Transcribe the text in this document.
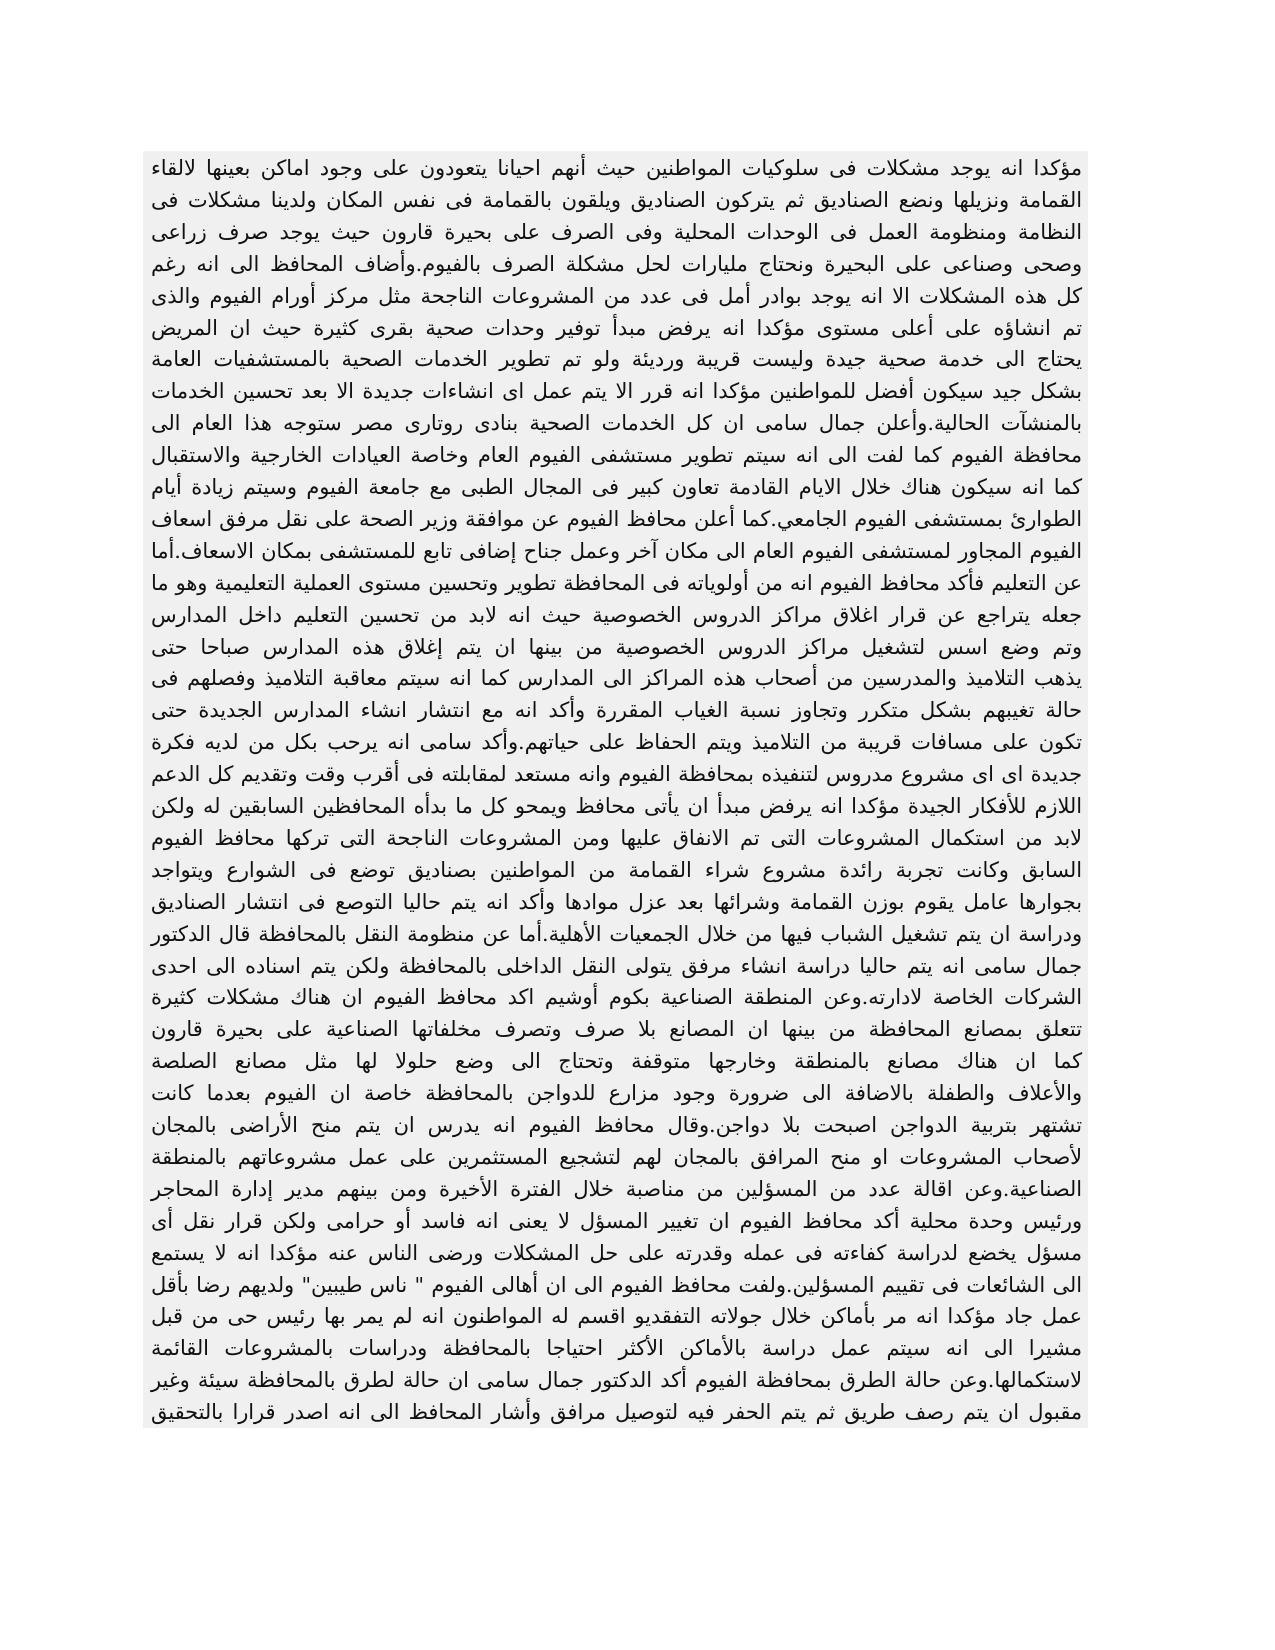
مؤكدا انه يوجد مشكلات فى سلوكيات المواطنين حيث أنهم احيانا يتعودون على وجود اماكن بعينها لالقاء
القمامة ونزيلها ونضع الصناديق ثم يتركون الصناديق ويلقون بالقمامة فى نفس المكان ولدينا مشكلات فى
النظامة ومنظومة العمل فى الوحدات المحلية وفى الصرف على بحيرة قارون حيث يوجد صرف زراعى
وصحى وصناعى على البحيرة ونحتاج مليارات لحل مشكلة الصرف بالفيوم.وأضاف المحافظ الى انه رغم
كل هذه المشكلات الا انه يوجد بوادر أمل فى عدد من المشروعات الناجحة مثل مركز أورام الفيوم والذى
تم انشاؤه على أعلى مستوى مؤكدا انه يرفض مبدأ توفير وحدات صحية بقرى كثيرة حيث ان المريض
يحتاج الى خدمة صحية جيدة وليست قريبة ورديئة ولو تم تطوير الخدمات الصحية بالمستشفيات العامة
بشكل جيد سيكون أفضل للمواطنين مؤكدا انه قرر الا يتم عمل اى انشاءات جديدة الا بعد تحسين الخدمات
بالمنشآت الحالية.وأعلن جمال سامى ان كل الخدمات الصحية بنادى روتارى مصر ستوجه هذا العام الى
محافظة الفيوم كما لفت الى انه سيتم تطوير مستشفى الفيوم العام وخاصة العيادات الخارجية والاستقبال
كما انه سيكون هناك خلال الايام القادمة تعاون كبير فى المجال الطبى مع جامعة الفيوم وسيتم زيادة أيام
الطوارئ بمستشفى الفيوم الجامعي.كما أعلن محافظ الفيوم عن موافقة وزير الصحة على نقل مرفق اسعاف
الفيوم المجاور لمستشفى الفيوم العام الى مكان آخر وعمل جناح إضافى تابع للمستشفى بمكان الاسعاف.أما
عن التعليم فأكد محافظ الفيوم انه من أولوياته فى المحافظة تطوير وتحسين مستوى العملية التعليمية وهو ما
جعله يتراجع عن قرار اغلاق مراكز الدروس الخصوصية حيث انه لابد من تحسين التعليم داخل المدارس
وتم وضع اسس لتشغيل مراكز الدروس الخصوصية من بينها ان يتم إغلاق هذه المدارس صباحا حتى
يذهب التلاميذ والمدرسين من أصحاب هذه المراكز الى المدارس كما انه سيتم معاقبة التلاميذ وفصلهم فى
حالة تغيبهم بشكل متكرر وتجاوز نسبة الغياب المقررة وأكد انه مع انتشار انشاء المدارس الجديدة حتى
تكون على مسافات قريبة من التلاميذ ويتم الحفاظ على حياتهم.وأكد سامى انه يرحب بكل من لديه فكرة
جديدة اى اى مشروع مدروس لتنفيذه بمحافظة الفيوم وانه مستعد لمقابلته فى أقرب وقت وتقديم كل الدعم
اللازم للأفكار الجيدة مؤكدا انه يرفض مبدأ ان يأتى محافظ ويمحو كل ما بدأه المحافظين السابقين له ولكن
لابد من استكمال المشروعات التى تم الانفاق عليها ومن المشروعات الناجحة التى تركها محافظ الفيوم
السابق وكانت تجربة رائدة مشروع شراء القمامة من المواطنين بصناديق توضع فى الشوارع ويتواجد
بجوارها عامل يقوم بوزن القمامة وشرائها بعد عزل موادها وأكد انه يتم حاليا التوصع فى انتشار الصناديق
ودراسة ان يتم تشغيل الشباب فيها من خلال الجمعيات الأهلية.أما عن منظومة النقل بالمحافظة قال الدكتور
جمال سامى انه يتم حاليا دراسة انشاء مرفق يتولى النقل الداخلى بالمحافظة ولكن يتم اسناده الى احدى
الشركات الخاصة لادارته.وعن المنطقة الصناعية بكوم أوشيم اكد محافظ الفيوم ان هناك مشكلات كثيرة
تتعلق بمصانع المحافظة من بينها ان المصانع بلا صرف وتصرف مخلفاتها الصناعية على بحيرة قارون
كما ان هناك مصانع بالمنطقة وخارجها متوقفة وتحتاج الى وضع حلولا لها مثل مصانع الصلصة
والأعلاف والطفلة بالاضافة الى ضرورة وجود مزارع للدواجن بالمحافظة خاصة ان الفيوم بعدما كانت
تشتهر بتربية الدواجن اصبحت بلا دواجن.وقال محافظ الفيوم انه يدرس ان يتم منح الأراضى بالمجان
لأصحاب المشروعات او منح المرافق بالمجان لهم لتشجيع المستثمرين على عمل مشروعاتهم بالمنطقة
الصناعية.وعن اقالة عدد من المسؤلين من مناصبة خلال الفترة الأخيرة ومن بينهم مدير إدارة المحاجر
ورئيس وحدة محلية أكد محافظ الفيوم ان تغيير المسؤل لا يعنى انه فاسد أو حرامى ولكن قرار نقل أى
مسؤل يخضع لدراسة كفاءته فى عمله وقدرته على حل المشكلات ورضى الناس عنه مؤكدا انه لا يستمع
الى الشائعات فى تقييم المسؤلين.ولفت محافظ الفيوم الى ان أهالى الفيوم " ناس طيبين" ولديهم رضا بأقل
عمل جاد مؤكدا انه مر بأماكن خلال جولاته التفقديو اقسم له المواطنون انه لم يمر بها رئيس حى من قبل
مشيرا الى انه سيتم عمل دراسة بالأماكن الأكثر احتياجا بالمحافظة ودراسات بالمشروعات القائمة
لاستكمالها.وعن حالة الطرق بمحافظة الفيوم أكد الدكتور جمال سامى ان حالة لطرق بالمحافظة سيئة وغير
مقبول ان يتم رصف طريق ثم يتم الحفر فيه لتوصيل مرافق وأشار المحافظ الى انه اصدر قرارا بالتحقيق
